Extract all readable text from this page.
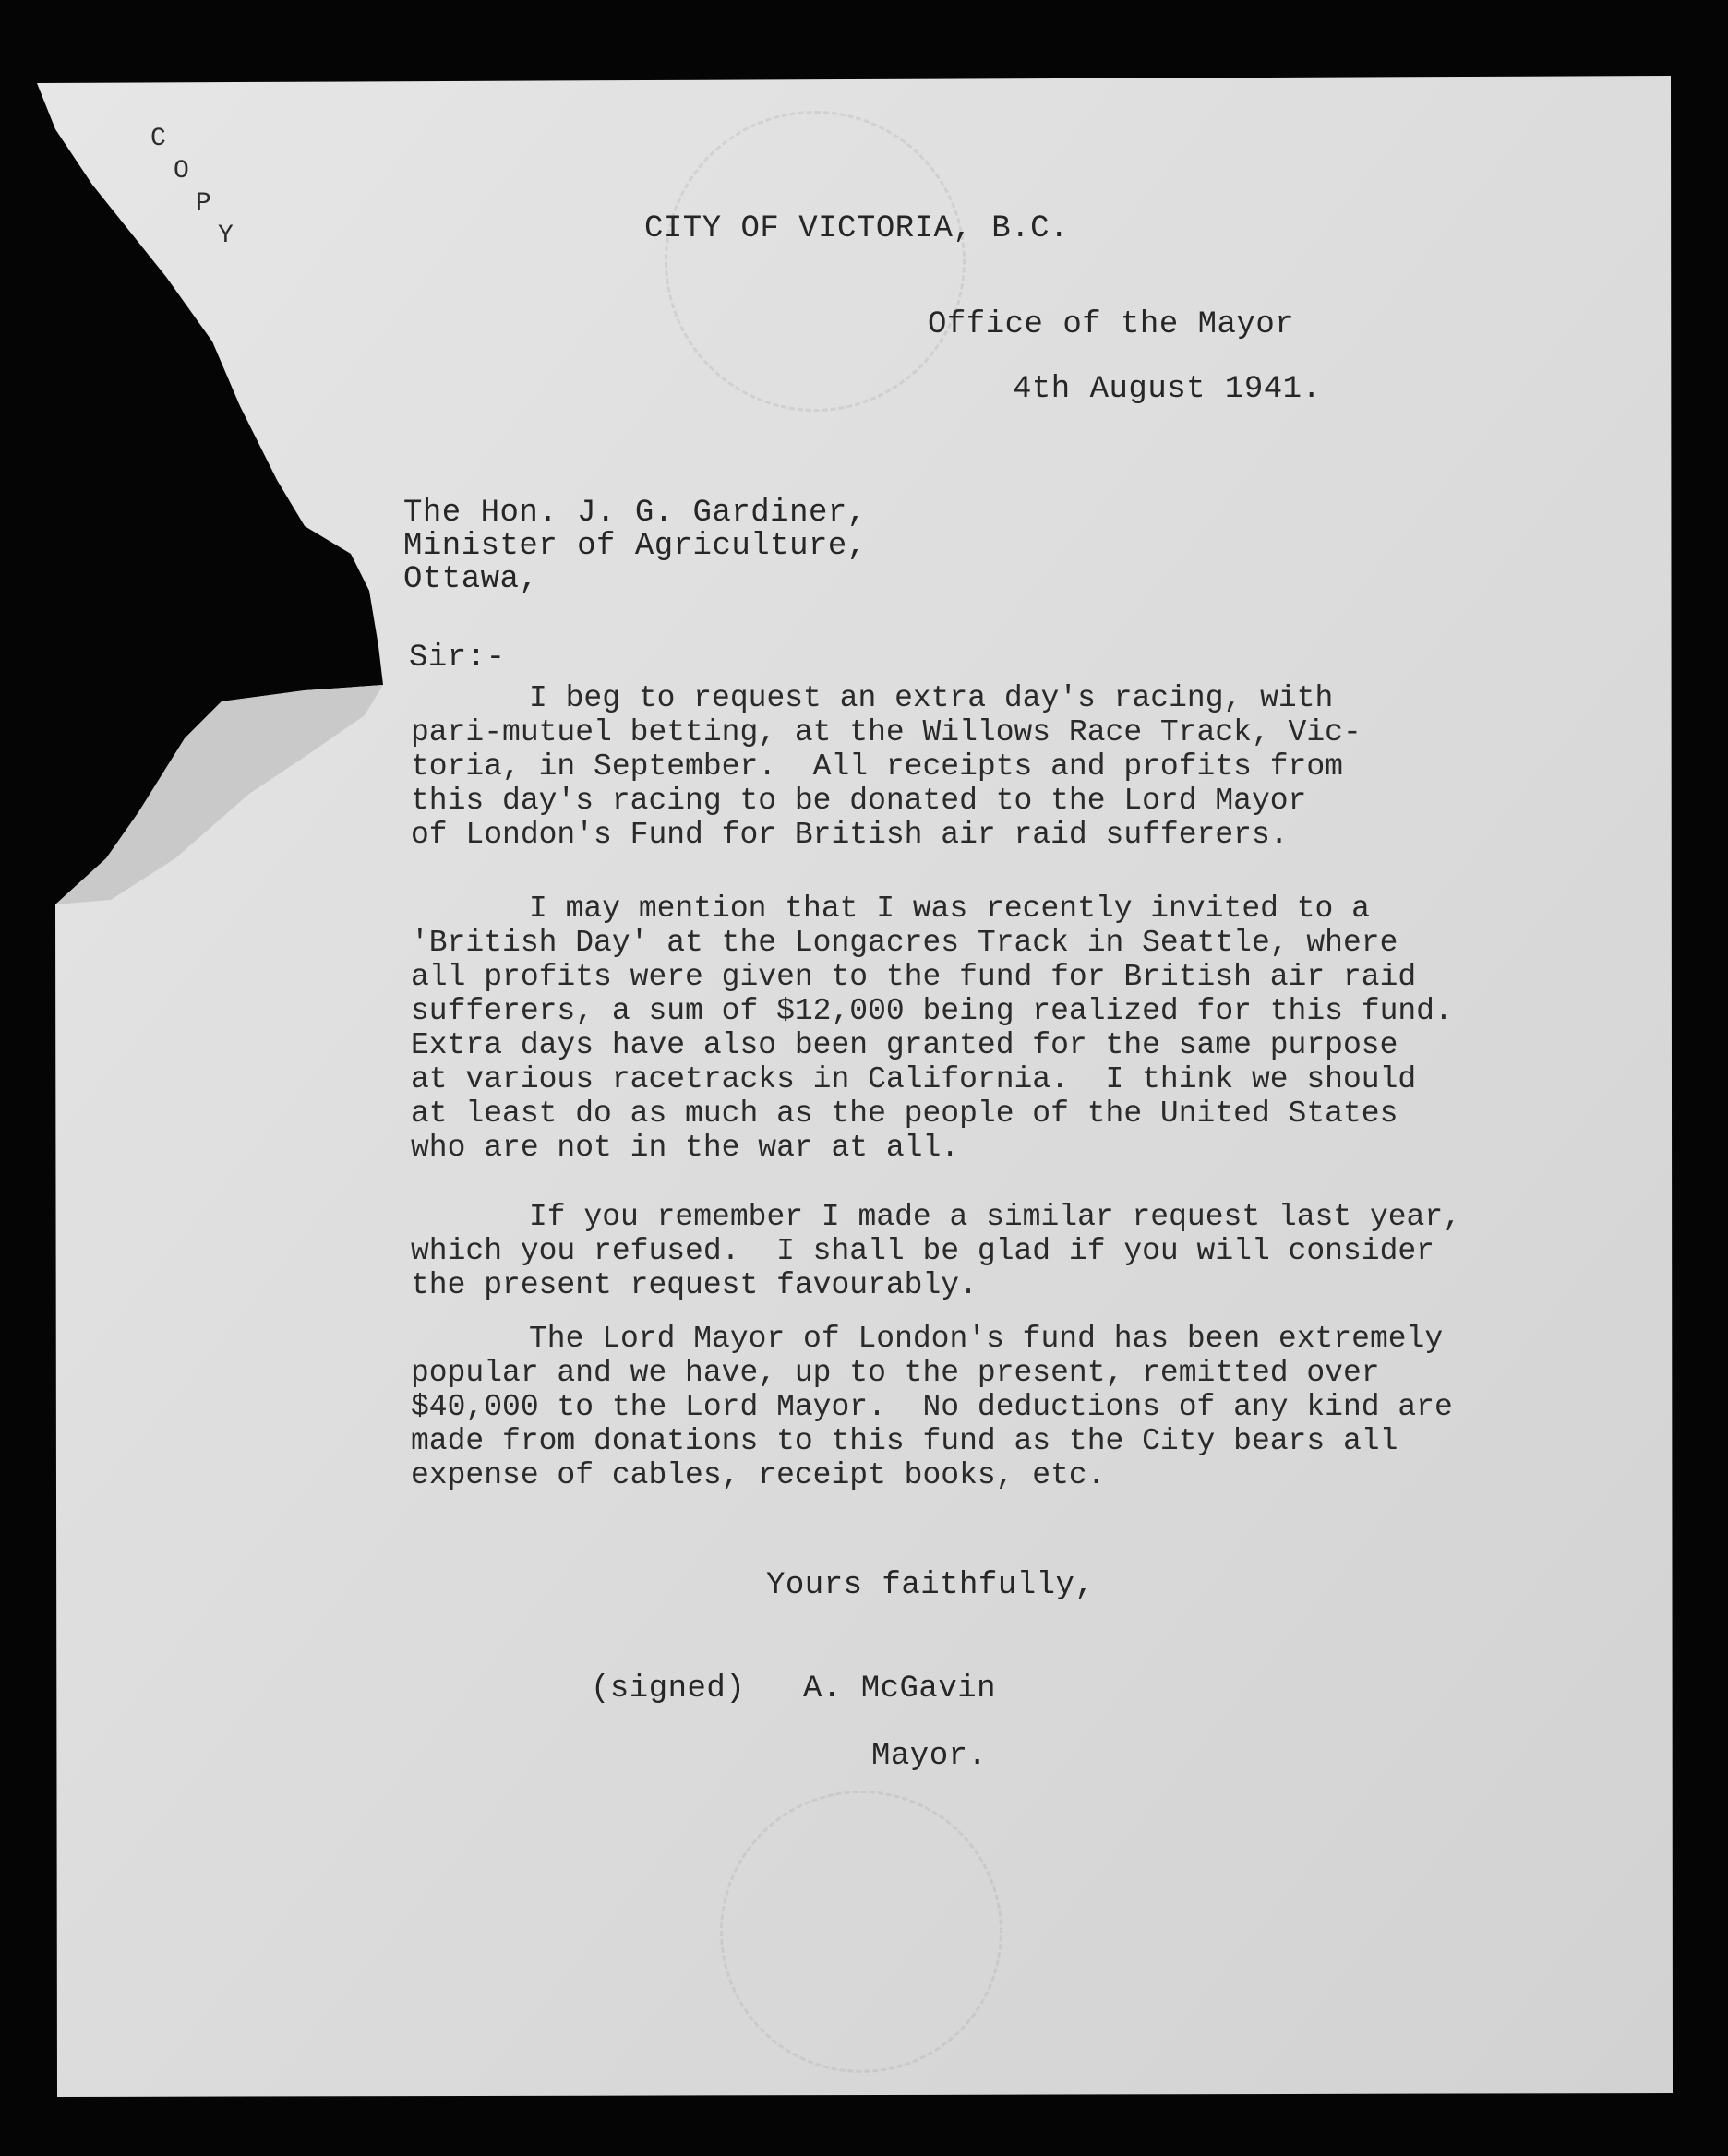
C
O
P
Y	CITY OF VICTORIA, B.C.
Office of the Mayor
4th August 1941.
The Hon. J. G. Gardiner,
Minister of Agriculture,
Ottawa,
Sir:-
I beg to request an extra day's racing, with
pari-mutuel betting, at the Willows Race Track, Vic-
toria, in September.  All receipts and profits from
this day's racing to be donated to the Lord Mayor
of London's Fund for British air raid sufferers.
I may mention that I was recently invited to a
'British Day' at the Longacres Track in Seattle, where
all profits were given to the fund for British air raid
sufferers, a sum of $12,000 being realized for this fund.
Extra days have also been granted for the same purpose
at various racetracks in California.  I think we should
at least do as much as the people of the United States
who are not in the war at all.
If you remember I made a similar request last year,
which you refused.  I shall be glad if you will consider
the present request favourably.
The Lord Mayor of London's fund has been extremely
popular and we have, up to the present, remitted over
$40,000 to the Lord Mayor.  No deductions of any kind are
made from donations to this fund as the City bears all
expense of cables, receipt books, etc.
Yours faithfully,
(signed) A. McGavin
Mayor.
